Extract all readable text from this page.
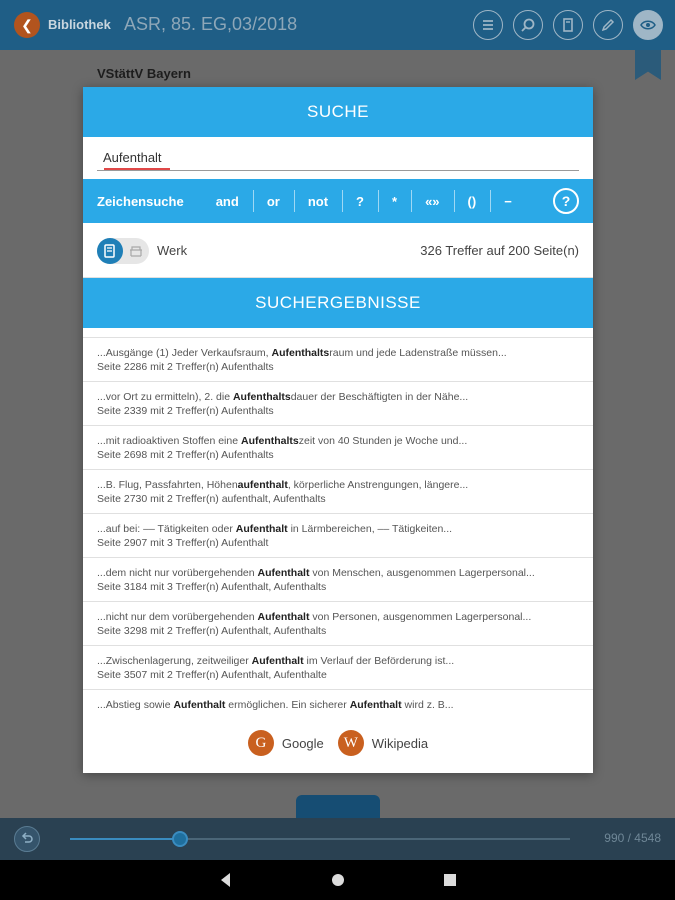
❮	Bibliothek ASR, 85. EG,03/2018
VStättV Bayern
990 / 4548
SUCHE
Aufenthalt
Zeichensuche	and	or	not	?	*	«»	()	−	?
Werk	326 Treffer auf 200 Seite(n)
SUCHERGEBNISSE
...Ausgänge (1) Jeder Verkaufsraum, Aufenthaltsraum und jede Ladenstraße müssen...
Seite 2286 mit 2 Treffer(n) Aufenthalts
...vor Ort zu ermitteln), 2. die Aufenthaltsdauer der Beschäftigten in der Nähe...
Seite 2339 mit 2 Treffer(n) Aufenthalts
...mit radioaktiven Stoffen eine Aufenthaltszeit von 40 Stunden je Woche und...
Seite 2698 mit 2 Treffer(n) Aufenthalts
...B. Flug, Passfahrten, Höhenaufenthalt, körperliche Anstrengungen, längere...
Seite 2730 mit 2 Treffer(n) aufenthalt, Aufenthalts
...auf bei: –– Tätigkeiten oder Aufenthalt in Lärmbereichen, –– Tätigkeiten...
Seite 2907 mit 3 Treffer(n) Aufenthalt
...dem nicht nur vorübergehenden Aufenthalt von Menschen, ausgenommen Lagerpersonal...
Seite 3184 mit 3 Treffer(n) Aufenthalt, Aufenthalts
...nicht nur dem vorübergehenden Aufenthalt von Personen, ausgenommen Lagerpersonal...
Seite 3298 mit 2 Treffer(n) Aufenthalt, Aufenthalts
...Zwischenlagerung, zeitweiliger Aufenthalt im Verlauf der Beförderung ist...
Seite 3507 mit 2 Treffer(n) Aufenthalt, Aufenthalte
...Abstieg sowie Aufenthalt ermöglichen. Ein sicherer Aufenthalt wird z. B...
G	Google	W	Wikipedia
